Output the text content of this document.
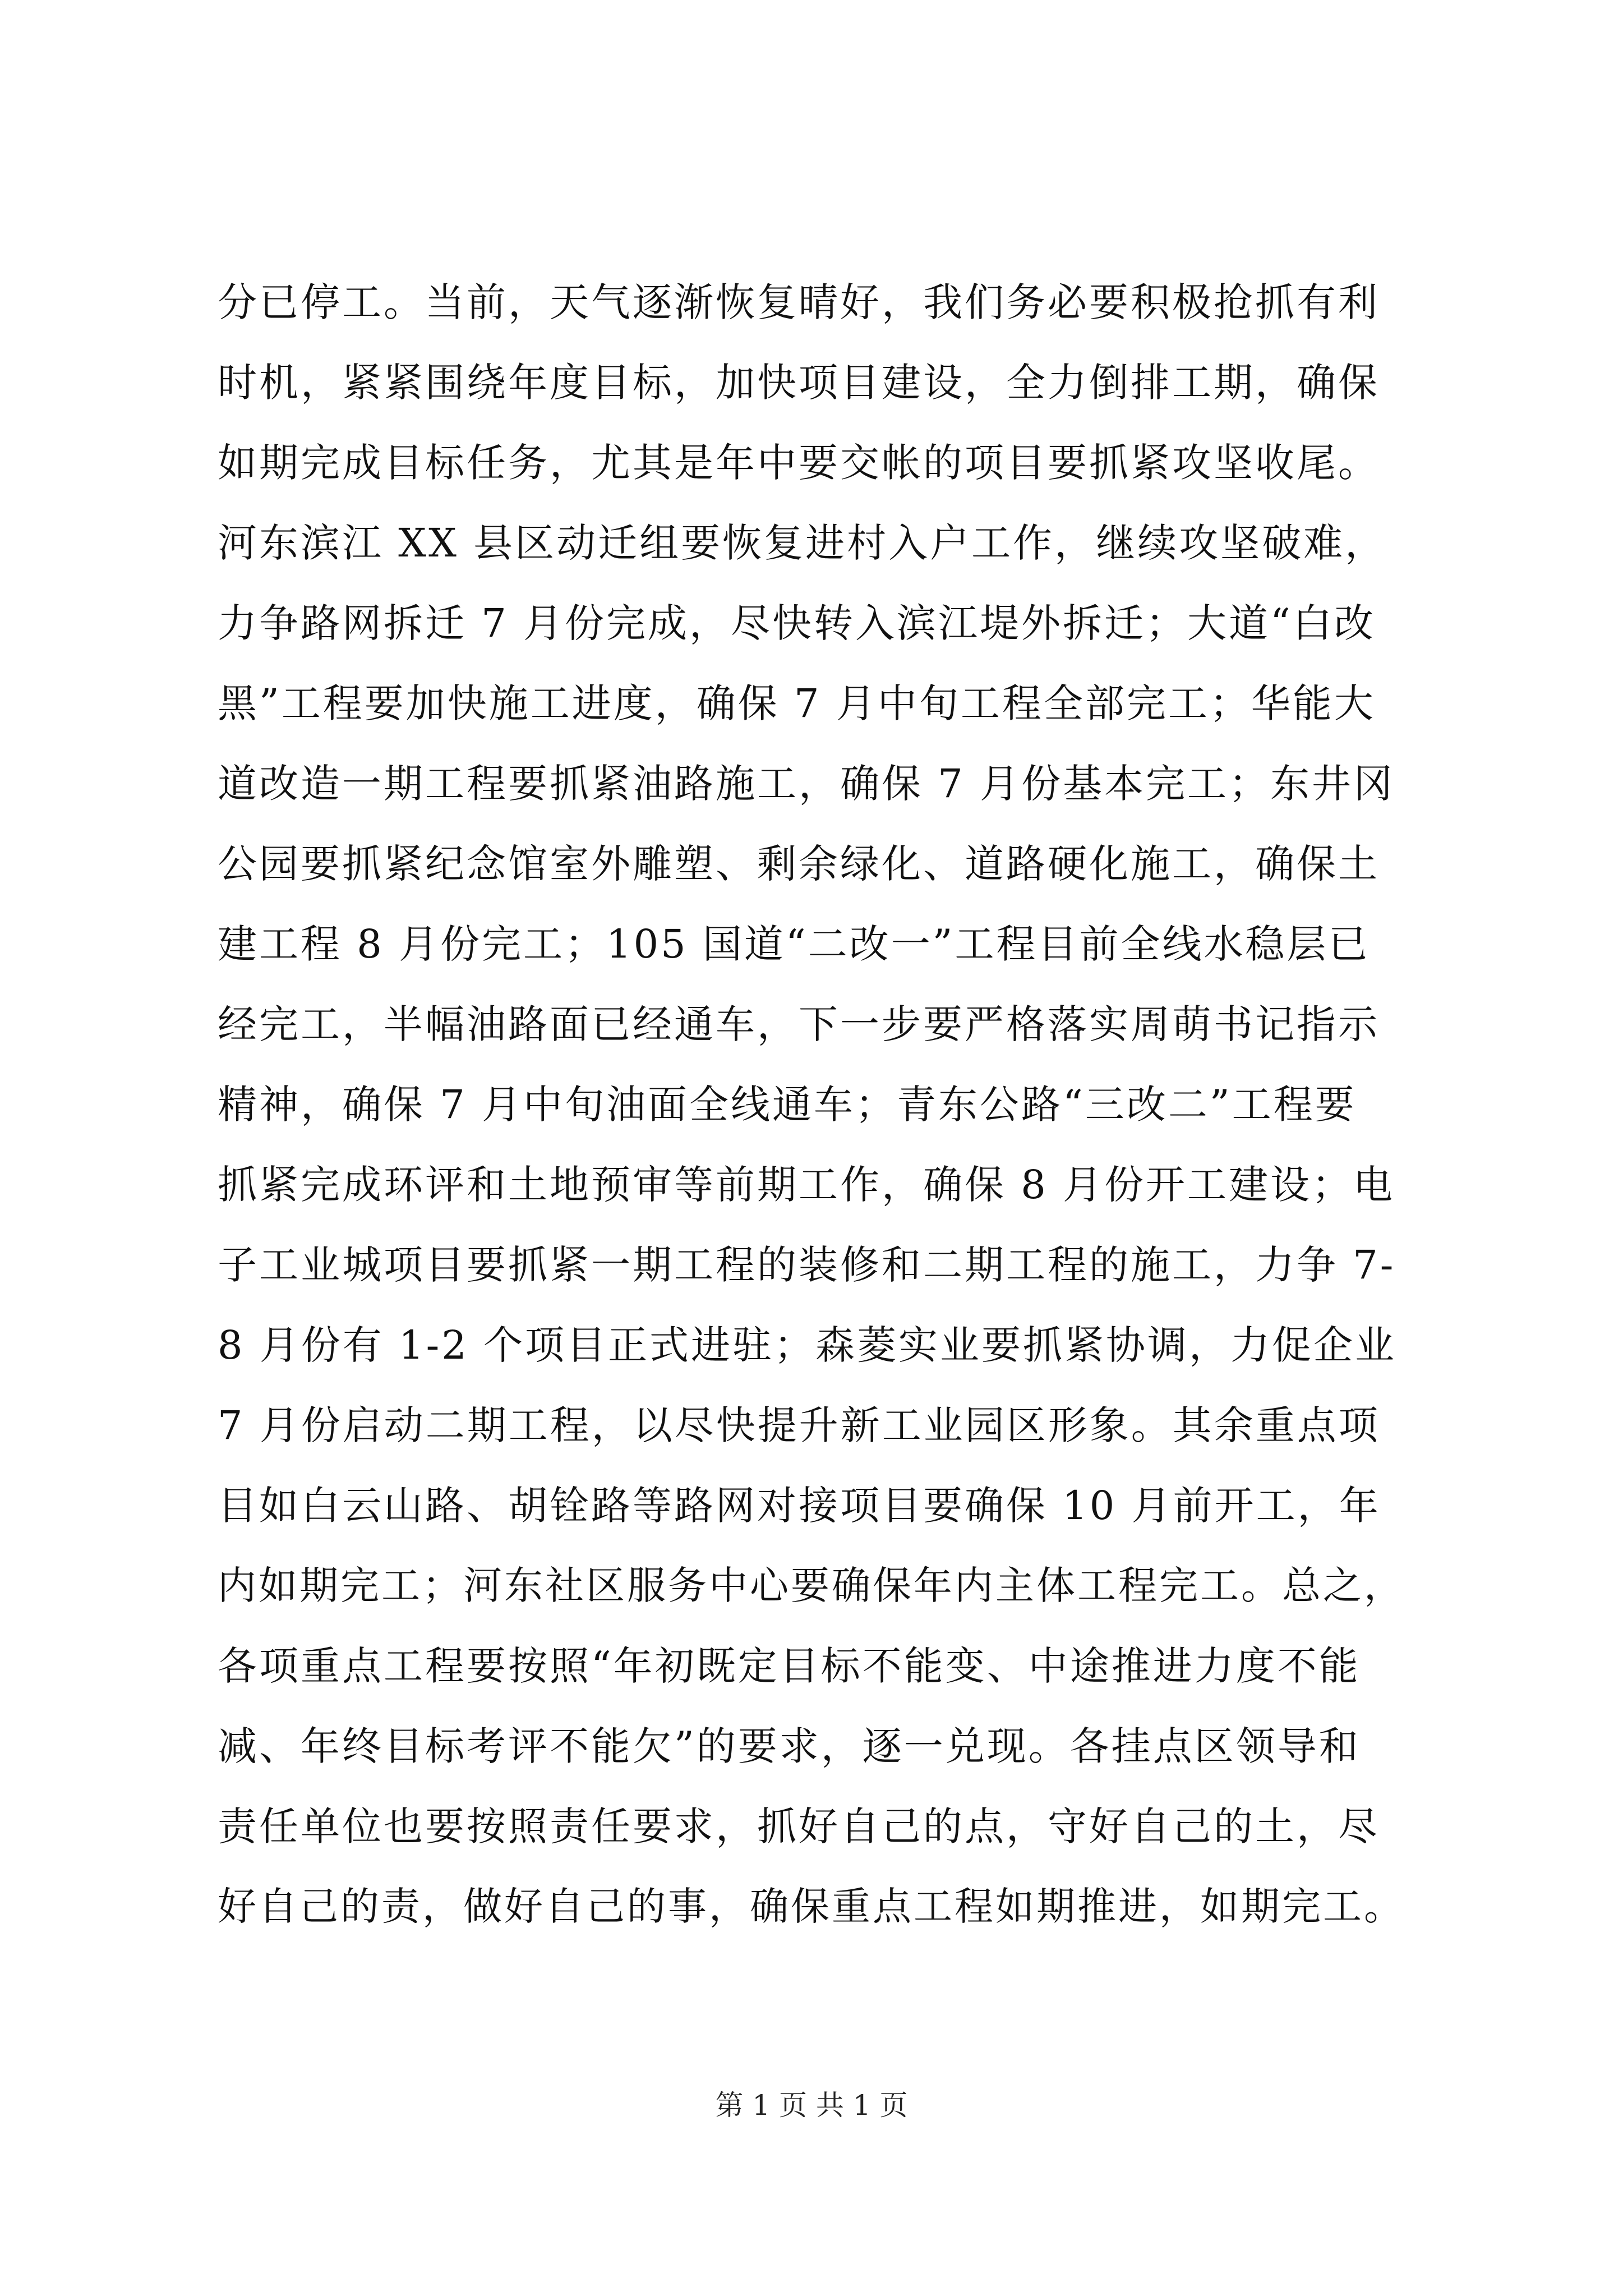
分已停工。当前，天气逐渐恢复晴好，我们务必要积极抢抓有利
时机，紧紧围绕年度目标，加快项目建设，全力倒排工期，确保
如期完成目标任务，尤其是年中要交帐的项目要抓紧攻坚收尾。
河东滨江 XX 县区动迁组要恢复进村入户工作，继续攻坚破难，
力争路网拆迁 7 月份完成，尽快转入滨江堤外拆迁；大道“白改
黑”工程要加快施工进度，确保 7 月中旬工程全部完工；华能大
道改造一期工程要抓紧油路施工，确保 7 月份基本完工；东井冈
公园要抓紧纪念馆室外雕塑、剩余绿化、道路硬化施工，确保土
建工程 8 月份完工；105 国道“二改一”工程目前全线水稳层已
经完工，半幅油路面已经通车，下一步要严格落实周萌书记指示
精神，确保 7 月中旬油面全线通车；青东公路“三改二”工程要
抓紧完成环评和土地预审等前期工作，确保 8 月份开工建设；电
子工业城项目要抓紧一期工程的装修和二期工程的施工，力争 7-
8 月份有 1-2 个项目正式进驻；森菱实业要抓紧协调，力促企业
7 月份启动二期工程，以尽快提升新工业园区形象。其余重点项
目如白云山路、胡铨路等路网对接项目要确保 10 月前开工，年
内如期完工；河东社区服务中心要确保年内主体工程完工。总之，
各项重点工程要按照“年初既定目标不能变、中途推进力度不能
减、年终目标考评不能欠”的要求，逐一兑现。各挂点区领导和
责任单位也要按照责任要求，抓好自己的点，守好自己的土，尽
好自己的责，做好自己的事，确保重点工程如期推进，如期完工。
第 1 页 共 1 页
